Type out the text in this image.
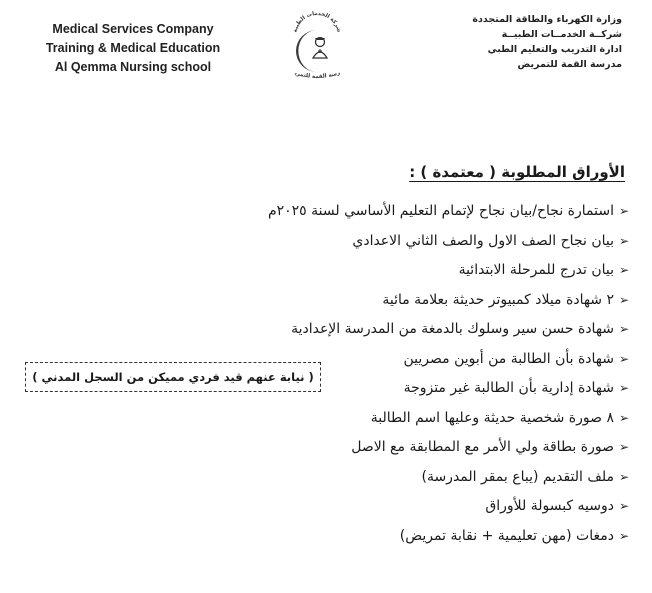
Medical Services Company
Training & Medical Education
Al Qemma Nursing school
شركة الخدمات الطبية
رسة القمة للتمري
وزارة الكهرباء والطاقة المتجددة
شركــة الخدمــات الطبيــة
ادارة التدريب والتعليم الطبي
مدرسة القمة للتمريض
الأوراق المطلوبة ( معتمدة ) :
➢
استمارة نجاح/بيان نجاح لإتمام التعليم الأساسي لسنة ٢٠٢٥م
➢
بيان نجاح الصف الاول والصف الثاني الاعدادي
➢
بيان تدرج للمرحلة الابتدائية
➢
٢ شهادة ميلاد كمبيوتر حديثة بعلامة مائية
➢
شهادة حسن سير وسلوك بالدمغة من المدرسة الإعدادية
➢
شهادة بأن الطالبة من أبوين مصريين
➢
شهادة إدارية بأن الطالبة غير متزوجة
➢
٨ صورة شخصية حديثة وعليها اسم الطالبة
➢
صورة بطاقة ولي الأمر مع المطابقة مع الاصل
➢
ملف التقديم (يباع بمقر المدرسة)
➢
دوسيه كبسولة للأوراق
➢
دمغات (مهن تعليمية + نقابة تمريض)
( نيابة عنهم قيد فردي مميكن من السجل المدني )
